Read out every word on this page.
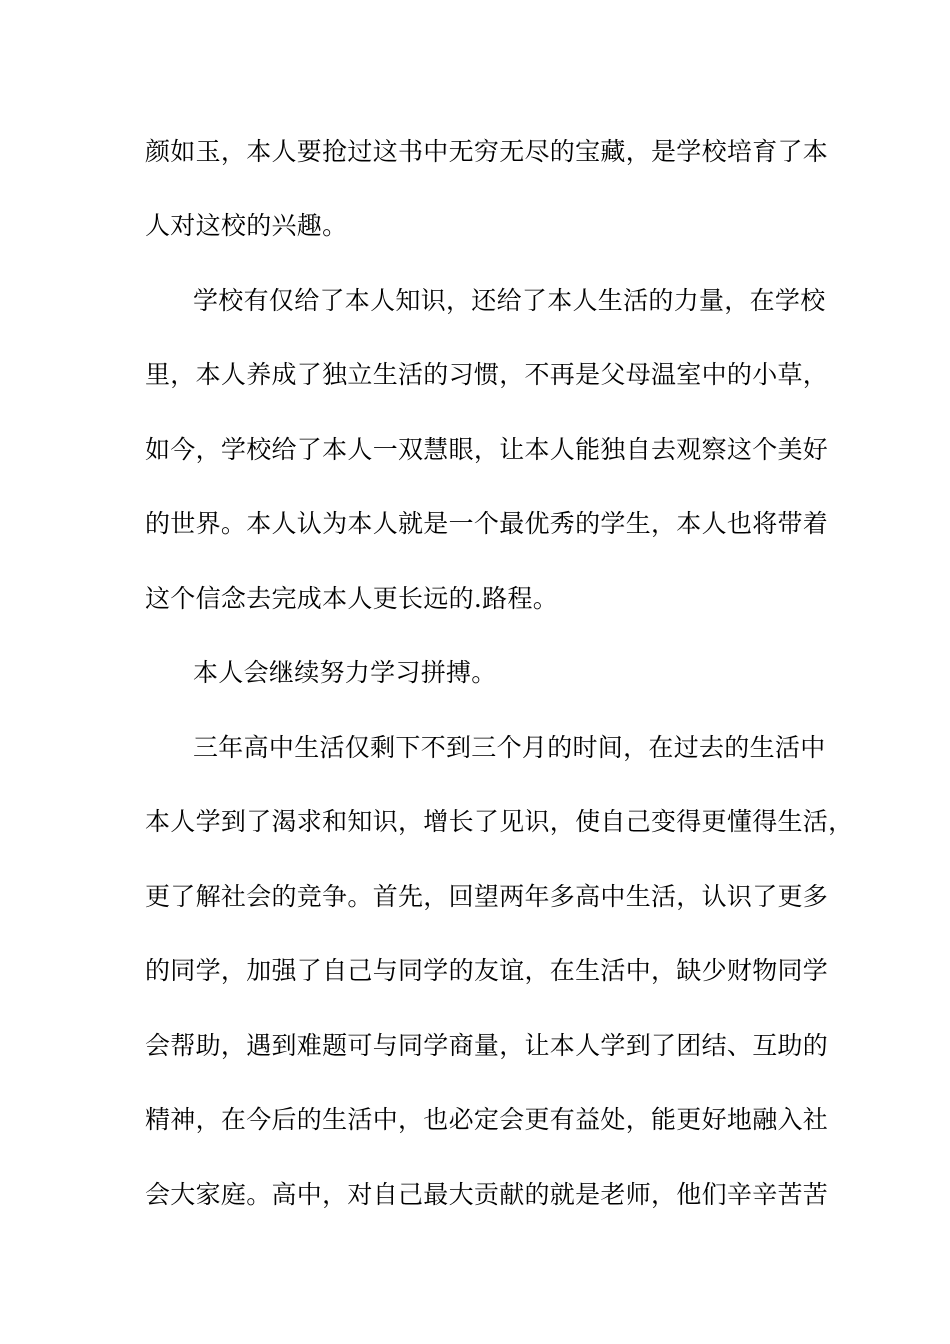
颜如玉，本人要抢过这书中无穷无尽的宝藏，是学校培育了本
人对这校的兴趣。
学校有仅给了本人知识，还给了本人生活的力量，在学校
里，本人养成了独立生活的习惯，不再是父母温室中的小草，
如今，学校给了本人一双慧眼，让本人能独自去观察这个美好
的世界。本人认为本人就是一个最优秀的学生，本人也将带着
这个信念去完成本人更长远的.路程。
本人会继续努力学习拼搏。
三年高中生活仅剩下不到三个月的时间，在过去的生活中
本人学到了渴求和知识，增长了见识，使自己变得更懂得生活，
更了解社会的竞争。首先，回望两年多高中生活，认识了更多
的同学，加强了自己与同学的友谊，在生活中，缺少财物同学
会帮助，遇到难题可与同学商量，让本人学到了团结、互助的
精神，在今后的生活中，也必定会更有益处，能更好地融入社
会大家庭。高中，对自己最大贡献的就是老师，他们辛辛苦苦
